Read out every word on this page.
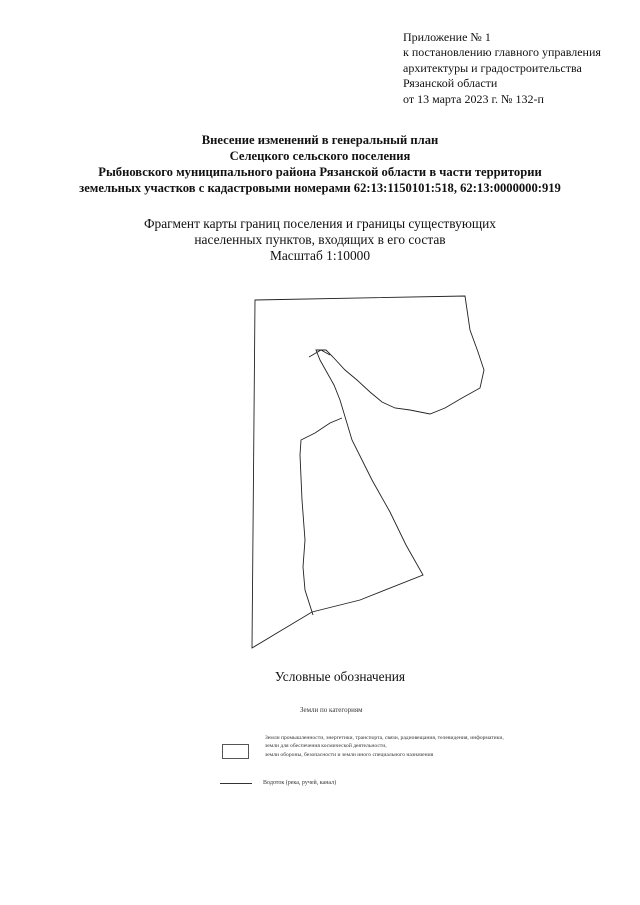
Приложение № 1
к постановлению главного управления
архитектуры и градостроительства
Рязанской области
от 13 марта 2023 г. № 132-п
Внесение изменений в генеральный план
Селецкого сельского поселения
Рыбновского муниципального района Рязанской области в части территории
земельных участков с кадастровыми номерами 62:13:1150101:518, 62:13:0000000:919
Фрагмент карты границ поселения и границы существующих
населенных пунктов, входящих в его состав
Масштаб 1:10000
Условные обозначения
Земли по категориям
Земли промышленности, энергетики, транспорта, связи, радиовещания, телевидения, информатики,
земли для обеспечения космической деятельности,
земли обороны, безопасности и земли иного специального назначения
Водоток (река, ручей, канал)
